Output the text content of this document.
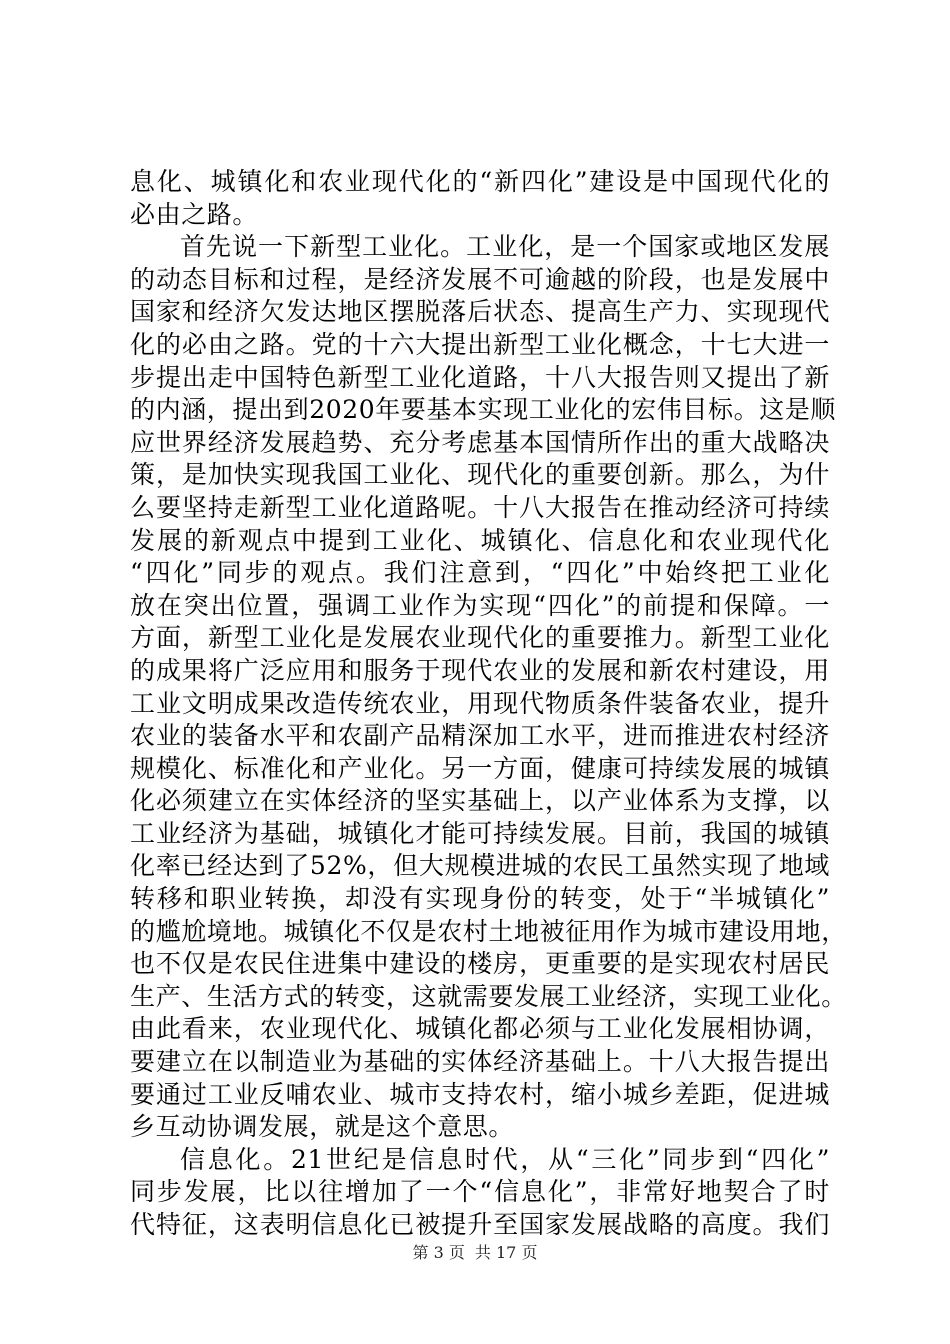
息化、城镇化和农业现代化的“新四化”建设是中国现代化的
必由之路。
首先说一下新型工业化。工业化，是一个国家或地区发展
的动态目标和过程，是经济发展不可逾越的阶段，也是发展中
国家和经济欠发达地区摆脱落后状态、提高生产力、实现现代
化的必由之路。党的十六大提出新型工业化概念，十七大进一
步提出走中国特色新型工业化道路，十八大报告则又提出了新
的内涵，提出到2020年要基本实现工业化的宏伟目标。这是顺
应世界经济发展趋势、充分考虑基本国情所作出的重大战略决
策，是加快实现我国工业化、现代化的重要创新。那么，为什
么要坚持走新型工业化道路呢。十八大报告在推动经济可持续
发展的新观点中提到工业化、城镇化、信息化和农业现代化
“四化”同步的观点。我们注意到，“四化”中始终把工业化
放在突出位置，强调工业作为实现“四化”的前提和保障。一
方面，新型工业化是发展农业现代化的重要推力。新型工业化
的成果将广泛应用和服务于现代农业的发展和新农村建设，用
工业文明成果改造传统农业，用现代物质条件装备农业，提升
农业的装备水平和农副产品精深加工水平，进而推进农村经济
规模化、标准化和产业化。另一方面，健康可持续发展的城镇
化必须建立在实体经济的坚实基础上，以产业体系为支撑，以
工业经济为基础，城镇化才能可持续发展。目前，我国的城镇
化率已经达到了52%，但大规模进城的农民工虽然实现了地域
转移和职业转换，却没有实现身份的转变，处于“半城镇化”
的尴尬境地。城镇化不仅是农村土地被征用作为城市建设用地，
也不仅是农民住进集中建设的楼房，更重要的是实现农村居民
生产、生活方式的转变，这就需要发展工业经济，实现工业化。
由此看来，农业现代化、城镇化都必须与工业化发展相协调，
要建立在以制造业为基础的实体经济基础上。十八大报告提出
要通过工业反哺农业、城市支持农村，缩小城乡差距，促进城
乡互动协调发展，就是这个意思。
信息化。21世纪是信息时代，从“三化”同步到“四化”
同步发展，比以往增加了一个“信息化”，非常好地契合了时
代特征，这表明信息化已被提升至国家发展战略的高度。我们
第 3 页 共 17 页
